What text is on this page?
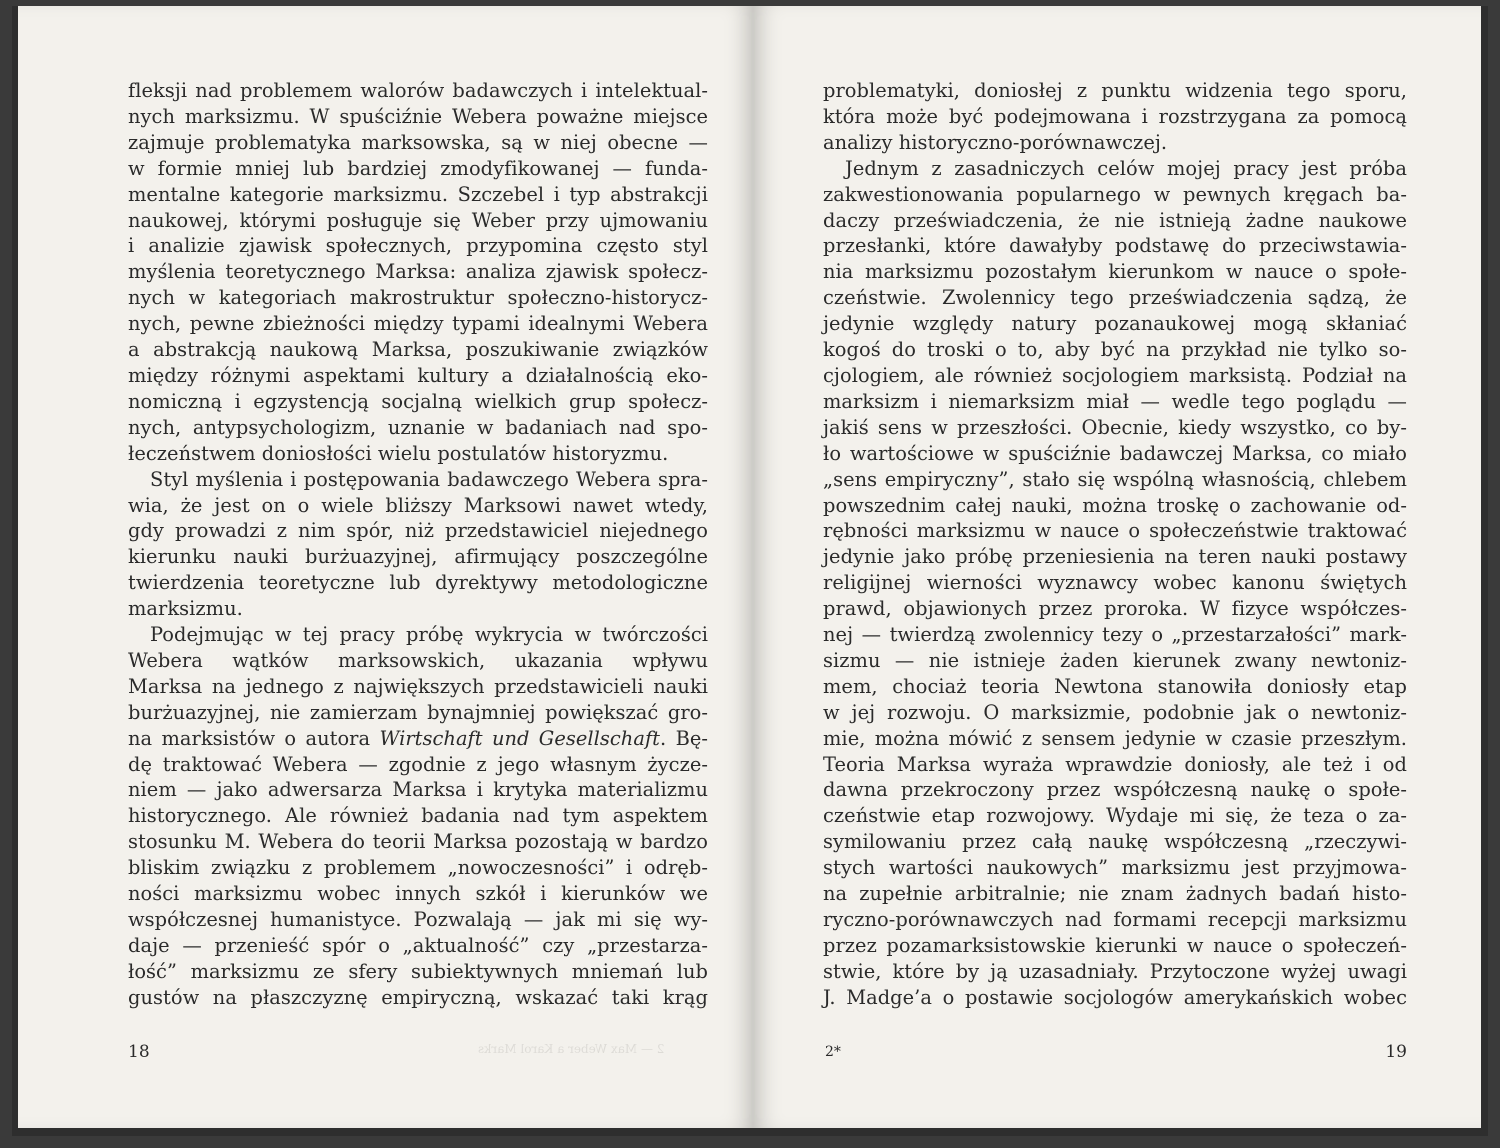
fleksji nad problemem walorów badawczych i intelektual-
nych marksizmu. W spuściźnie Webera poważne miejsce
zajmuje problematyka marksowska, są w niej obecne —
w formie mniej lub bardziej zmodyfikowanej — funda-
mentalne kategorie marksizmu. Szczebel i typ abstrakcji
naukowej, którymi posługuje się Weber przy ujmowaniu
i analizie zjawisk społecznych, przypomina często styl
myślenia teoretycznego Marksa: analiza zjawisk społecz-
nych w kategoriach makrostruktur społeczno-historycz-
nych, pewne zbieżności między typami idealnymi Webera
a abstrakcją naukową Marksa, poszukiwanie związków
między różnymi aspektami kultury a działalnością eko-
nomiczną i egzystencją socjalną wielkich grup społecz-
nych, antypsychologizm, uznanie w badaniach nad spo-
łeczeństwem doniosłości wielu postulatów historyzmu.
Styl myślenia i postępowania badawczego Webera spra-
wia, że jest on o wiele bliższy Marksowi nawet wtedy,
gdy prowadzi z nim spór, niż przedstawiciel niejednego
kierunku nauki burżuazyjnej, afirmujący poszczególne
twierdzenia teoretyczne lub dyrektywy metodologiczne
marksizmu.
Podejmując w tej pracy próbę wykrycia w twórczości
Webera wątków marksowskich, ukazania wpływu
Marksa na jednego z największych przedstawicieli nauki
burżuazyjnej, nie zamierzam bynajmniej powiększać gro-
na marksistów o autora Wirtschaft und Gesellschaft. Bę-
dę traktować Webera — zgodnie z jego własnym życze-
niem — jako adwersarza Marksa i krytyka materializmu
historycznego. Ale również badania nad tym aspektem
stosunku M. Webera do teorii Marksa pozostają w bardzo
bliskim związku z problemem „nowoczesności” i odręb-
ności marksizmu wobec innych szkół i kierunków we
współczesnej humanistyce. Pozwalają — jak mi się wy-
daje — przenieść spór o „aktualność” czy „przestarza-
łość” marksizmu ze sfery subiektywnych mniemań lub
gustów na płaszczyznę empiryczną, wskazać taki krąg
2 — Max Weber a Karol Marks
18
problematyki, doniosłej z punktu widzenia tego sporu,
która może być podejmowana i rozstrzygana za pomocą
analizy historyczno-porównawczej.
Jednym z zasadniczych celów mojej pracy jest próba
zakwestionowania popularnego w pewnych kręgach ba-
daczy przeświadczenia, że nie istnieją żadne naukowe
przesłanki, które dawałyby podstawę do przeciwstawia-
nia marksizmu pozostałym kierunkom w nauce o społe-
czeństwie. Zwolennicy tego przeświadczenia sądzą, że
jedynie względy natury pozanaukowej mogą skłaniać
kogoś do troski o to, aby być na przykład nie tylko so-
cjologiem, ale również socjologiem marksistą. Podział na
marksizm i niemarksizm miał — wedle tego poglądu —
jakiś sens w przeszłości. Obecnie, kiedy wszystko, co by-
ło wartościowe w spuściźnie badawczej Marksa, co miało
„sens empiryczny”, stało się wspólną własnością, chlebem
powszednim całej nauki, można troskę o zachowanie od-
rębności marksizmu w nauce o społeczeństwie traktować
jedynie jako próbę przeniesienia na teren nauki postawy
religijnej wierności wyznawcy wobec kanonu świętych
prawd, objawionych przez proroka. W fizyce współczes-
nej — twierdzą zwolennicy tezy o „przestarzałości” mark-
sizmu — nie istnieje żaden kierunek zwany newtoniz-
mem, chociaż teoria Newtona stanowiła doniosły etap
w jej rozwoju. O marksizmie, podobnie jak o newtoniz-
mie, można mówić z sensem jedynie w czasie przeszłym.
Teoria Marksa wyraża wprawdzie doniosły, ale też i od
dawna przekroczony przez współczesną naukę o społe-
czeństwie etap rozwojowy. Wydaje mi się, że teza o za-
symilowaniu przez całą naukę współczesną „rzeczywi-
stych wartości naukowych” marksizmu jest przyjmowa-
na zupełnie arbitralnie; nie znam żadnych badań histo-
ryczno-porównawczych nad formami recepcji marksizmu
przez pozamarksistowskie kierunki w nauce o społeczeń-
stwie, które by ją uzasadniały. Przytoczone wyżej uwagi
J. Madge’a o postawie socjologów amerykańskich wobec
2*	19
